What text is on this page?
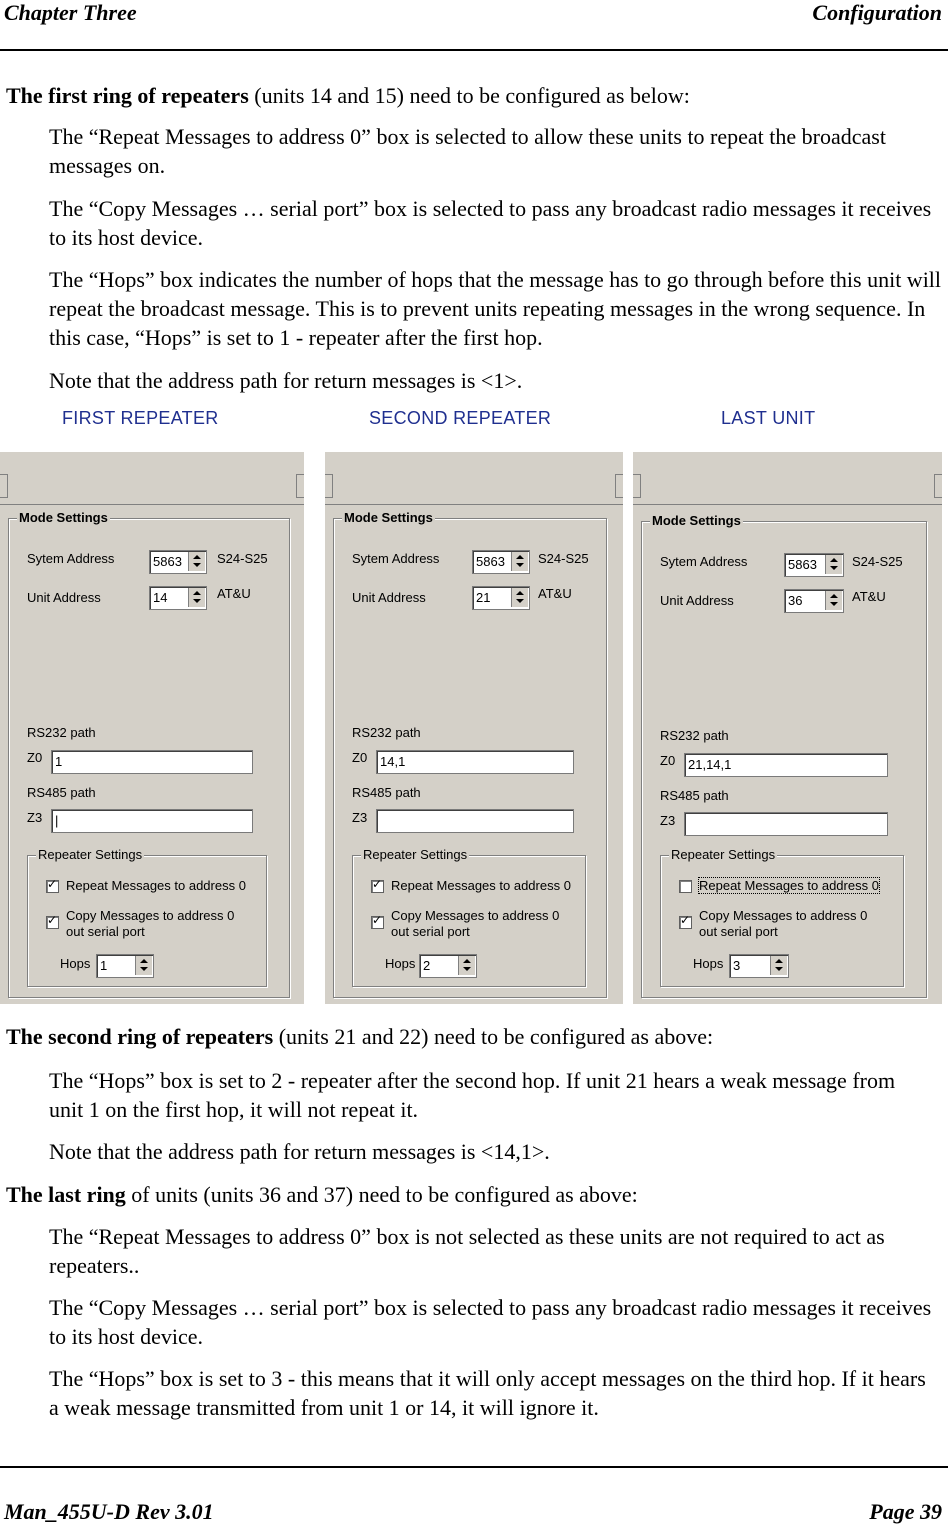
Chapter Three	Configuration

The first ring of repeaters (units 14 and 15) need to be configured as below:

The “Repeat Messages to address 0” box is selected to allow these units to repeat the broadcast messages on.

The “Copy Messages … serial port” box is selected to pass any broadcast radio messages it receives to its host device.

The “Hops” box indicates the number of hops that the message has to go through before this unit will repeat the broadcast message. This is to prevent units repeating messages in the wrong sequence. In this case, “Hops” is set to 1 - repeater after the first hop.

Note that the address path for return messages is <1>.

FIRST REPEATER	SECOND REPEATER	LAST UNIT
Mode Settings
Sytem Address	5863	S24-S25
Unit Address	14	AT&U
RS232 path
Z0 1
RS485 path
Z3 |
Repeater Settings
✓
Repeat Messages to address 0
✓
Copy Messages to address 0
out serial port
Hops 1
Mode Settings
Sytem Address	5863	S24-S25
Unit Address	21	AT&U
RS232 path
Z0 14,1
RS485 path
Z3
Repeater Settings
✓
Repeat Messages to address 0
✓
Copy Messages to address 0
out serial port
Hops 2
Mode Settings
Sytem Address	5863	S24-S25
Unit Address	36	AT&U
RS232 path
Z0 21,14,1
RS485 path
Z3
Repeater Settings
Repeat Messages to address 0
✓
Copy Messages to address 0
out serial port
Hops 3

The second ring of repeaters (units 21 and 22) need to be configured as above:

The “Hops” box is set to 2 - repeater after the second hop. If unit 21 hears a weak message from unit 1 on the first hop, it will not repeat it.

Note that the address path for return messages is <14,1>.

The last ring of units (units 36 and 37) need to be configured as above:

The “Repeat Messages to address 0” box is not selected as these units are not required to act as repeaters..

The “Copy Messages … serial port” box is selected to pass any broadcast radio messages it receives to its host device.

The “Hops” box is set to 3 - this means that it will only accept messages on the third hop. If it hears a weak message transmitted from unit 1 or 14, it will ignore it.

Man_455U-D Rev 3.01	Page 39
